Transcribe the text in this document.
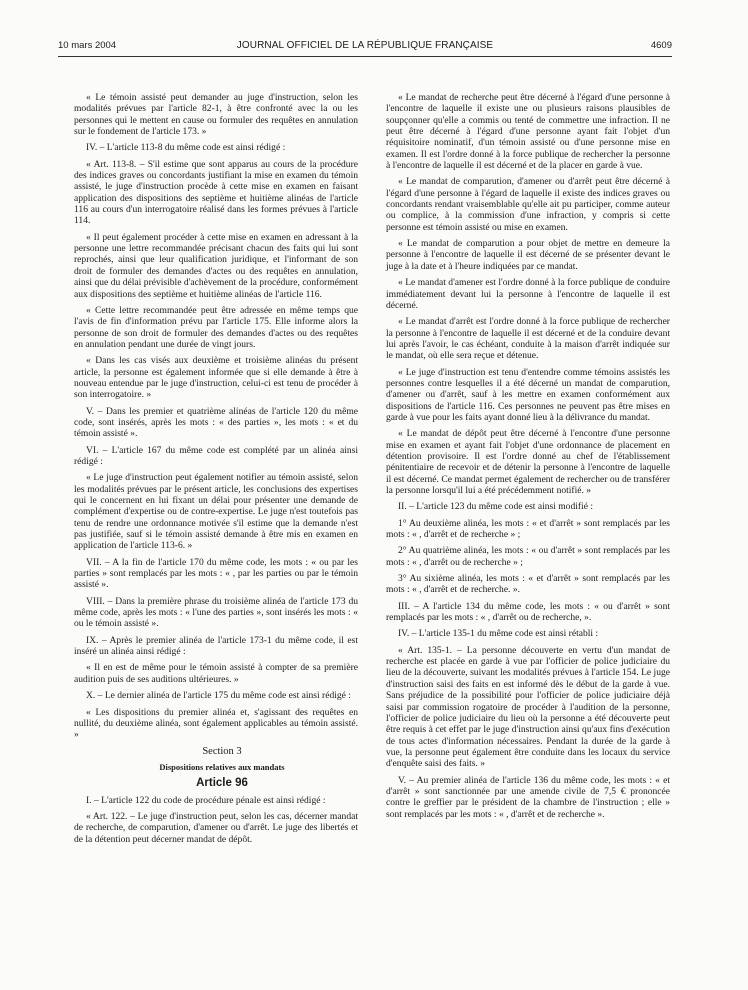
10 mars 2004	JOURNAL OFFICIEL DE LA RÉPUBLIQUE FRANÇAISE	4609

« Le témoin assisté peut demander au juge d'instruction, selon les modalités prévues par l'article 82-1, à être confronté avec la ou les personnes qui le mettent en cause ou formuler des requêtes en annulation sur le fondement de l'article 173. »

IV. – L'article 113-8 du même code est ainsi rédigé :

« Art. 113-8. – S'il estime que sont apparus au cours de la procédure des indices graves ou concordants justifiant la mise en examen du témoin assisté, le juge d'instruction procède à cette mise en examen en faisant application des dispositions des septième et huitième alinéas de l'article 116 au cours d'un interrogatoire réalisé dans les formes prévues à l'article 114.

« Il peut également procéder à cette mise en examen en adressant à la personne une lettre recommandée précisant chacun des faits qui lui sont reprochés, ainsi que leur qualification juridique, et l'informant de son droit de formuler des demandes d'actes ou des requêtes en annulation, ainsi que du délai prévisible d'achèvement de la procédure, conformément aux dispositions des septième et huitième alinéas de l'article 116.

« Cette lettre recommandée peut être adressée en même temps que l'avis de fin d'information prévu par l'article 175. Elle informe alors la personne de son droit de formuler des demandes d'actes ou des requêtes en annulation pendant une durée de vingt jours.

« Dans les cas visés aux deuxième et troisième alinéas du présent article, la personne est également informée que si elle demande à être à nouveau entendue par le juge d'instruction, celui-ci est tenu de procéder à son interrogatoire. »

V. – Dans les premier et quatrième alinéas de l'article 120 du même code, sont insérés, après les mots : « des parties », les mots : « et du témoin assisté ».

VI. – L'article 167 du même code est complété par un alinéa ainsi rédigé :

« Le juge d'instruction peut également notifier au témoin assisté, selon les modalités prévues par le présent article, les conclusions des expertises qui le concernent en lui fixant un délai pour présenter une demande de complément d'expertise ou de contre-expertise. Le juge n'est toutefois pas tenu de rendre une ordonnance motivée s'il estime que la demande n'est pas justifiée, sauf si le témoin assisté demande à être mis en examen en application de l'article 113-6. »

VII. – A la fin de l'article 170 du même code, les mots : « ou par les parties » sont remplacés par les mots : « , par les parties ou par le témoin assisté ».

VIII. – Dans la première phrase du troisième alinéa de l'article 173 du même code, après les mots : « l'une des parties », sont insérés les mots : « ou le témoin assisté ».

IX. – Après le premier alinéa de l'article 173-1 du même code, il est inséré un alinéa ainsi rédigé :

« Il en est de même pour le témoin assisté à compter de sa première audition puis de ses auditions ultérieures. »

X. – Le dernier alinéa de l'article 175 du même code est ainsi rédigé :

« Les dispositions du premier alinéa et, s'agissant des requêtes en nullité, du deuxième alinéa, sont également applicables au témoin assisté. »

Section 3

Dispositions relatives aux mandats

Article 96

I. – L'article 122 du code de procédure pénale est ainsi rédigé :

« Art. 122. – Le juge d'instruction peut, selon les cas, décerner mandat de recherche, de comparution, d'amener ou d'arrêt. Le juge des libertés et de la détention peut décerner mandat de dépôt.

« Le mandat de recherche peut être décerné à l'égard d'une personne à l'encontre de laquelle il existe une ou plusieurs raisons plausibles de soupçonner qu'elle a commis ou tenté de commettre une infraction. Il ne peut être décerné à l'égard d'une personne ayant fait l'objet d'un réquisitoire nominatif, d'un témoin assisté ou d'une personne mise en examen. Il est l'ordre donné à la force publique de rechercher la personne à l'encontre de laquelle il est décerné et de la placer en garde à vue.

« Le mandat de comparution, d'amener ou d'arrêt peut être décerné à l'égard d'une personne à l'égard de laquelle il existe des indices graves ou concordants rendant vraisemblable qu'elle ait pu participer, comme auteur ou complice, à la commission d'une infraction, y compris si cette personne est témoin assisté ou mise en examen.

« Le mandat de comparution a pour objet de mettre en demeure la personne à l'encontre de laquelle il est décerné de se présenter devant le juge à la date et à l'heure indiquées par ce mandat.

« Le mandat d'amener est l'ordre donné à la force publique de conduire immédiatement devant lui la personne à l'encontre de laquelle il est décerné.

« Le mandat d'arrêt est l'ordre donné à la force publique de rechercher la personne à l'encontre de laquelle il est décerné et de la conduire devant lui après l'avoir, le cas échéant, conduite à la maison d'arrêt indiquée sur le mandat, où elle sera reçue et détenue.

« Le juge d'instruction est tenu d'entendre comme témoins assistés les personnes contre lesquelles il a été décerné un mandat de comparution, d'amener ou d'arrêt, sauf à les mettre en examen conformément aux dispositions de l'article 116. Ces personnes ne peuvent pas être mises en garde à vue pour les faits ayant donné lieu à la délivrance du mandat.

« Le mandat de dépôt peut être décerné à l'encontre d'une personne mise en examen et ayant fait l'objet d'une ordonnance de placement en détention provisoire. Il est l'ordre donné au chef de l'établissement pénitentiaire de recevoir et de détenir la personne à l'encontre de laquelle il est décerné. Ce mandat permet également de rechercher ou de transférer la personne lorsqu'il lui a été précédemment notifié. »

II. – L'article 123 du même code est ainsi modifié :

1° Au deuxième alinéa, les mots : « et d'arrêt » sont remplacés par les mots : « , d'arrêt et de recherche » ;

2° Au quatrième alinéa, les mots : « ou d'arrêt » sont remplacés par les mots : « , d'arrêt ou de recherche » ;

3° Au sixième alinéa, les mots : « et d'arrêt » sont remplacés par les mots : « , d'arrêt et de recherche. ».

III. – A l'article 134 du même code, les mots : « ou d'arrêt » sont remplacés par les mots : « , d'arrêt ou de recherche, ».

IV. – L'article 135-1 du même code est ainsi rétabli :

« Art. 135-1. – La personne découverte en vertu d'un mandat de recherche est placée en garde à vue par l'officier de police judiciaire du lieu de la découverte, suivant les modalités prévues à l'article 154. Le juge d'instruction saisi des faits en est informé dès le début de la garde à vue. Sans préjudice de la possibilité pour l'officier de police judiciaire déjà saisi par commission rogatoire de procéder à l'audition de la personne, l'officier de police judiciaire du lieu où la personne a été découverte peut être requis à cet effet par le juge d'instruction ainsi qu'aux fins d'exécution de tous actes d'information nécessaires. Pendant la durée de la garde à vue, la personne peut également être conduite dans les locaux du service d'enquête saisi des faits. »

V. – Au premier alinéa de l'article 136 du même code, les mots : « et d'arrêt » sont sanctionnée par une amende civile de 7,5 € prononcée contre le greffier par le président de la chambre de l'instruction ; elle » sont remplacés par les mots : « , d'arrêt et de recherche ».
